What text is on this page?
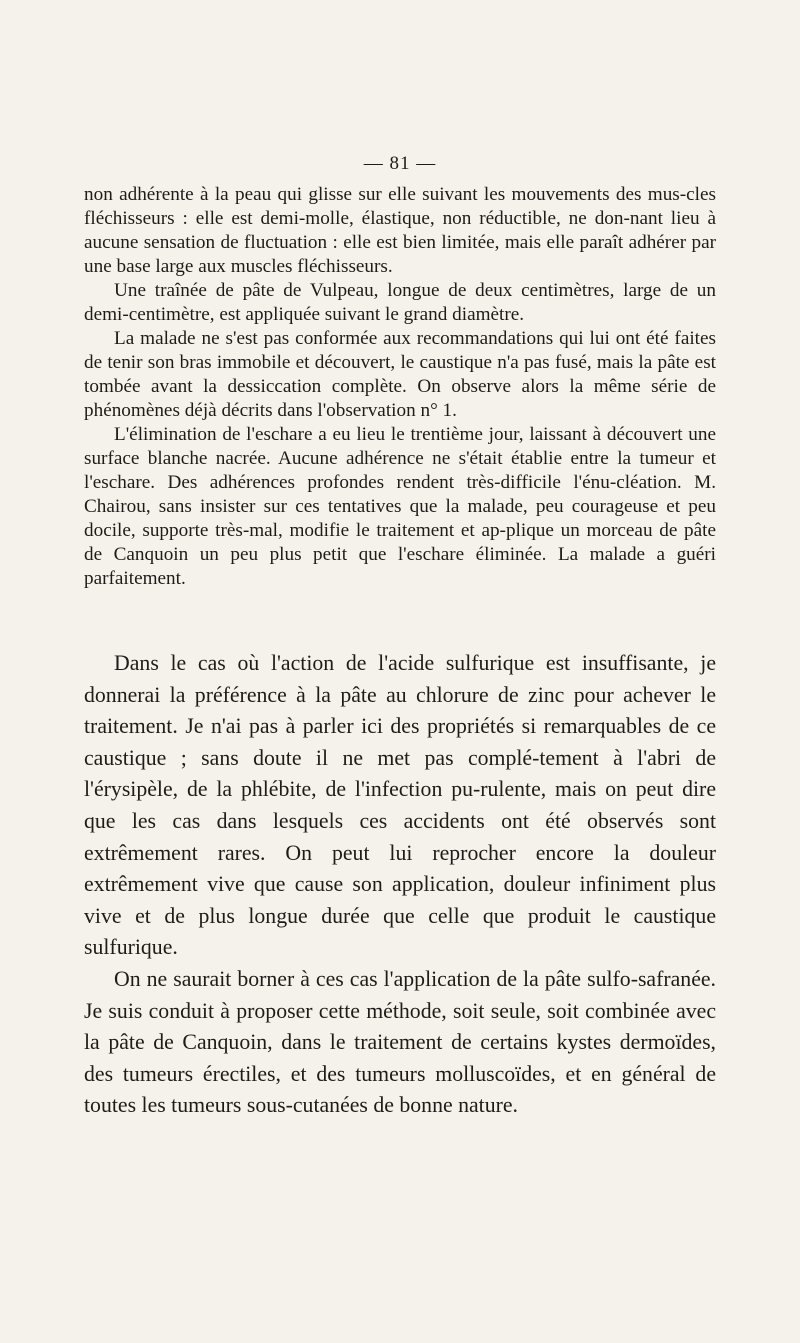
— 81 —

non adhérente à la peau qui glisse sur elle suivant les mouvements des mus-cles fléchisseurs : elle est demi-molle, élastique, non réductible, ne don-nant lieu à aucune sensation de fluctuation : elle est bien limitée, mais elle paraît adhérer par une base large aux muscles fléchisseurs.

Une traînée de pâte de Vulpeau, longue de deux centimètres, large de un demi-centimètre, est appliquée suivant le grand diamètre.

La malade ne s'est pas conformée aux recommandations qui lui ont été faites de tenir son bras immobile et découvert, le caustique n'a pas fusé, mais la pâte est tombée avant la dessiccation complète. On observe alors la même série de phénomènes déjà décrits dans l'observation n° 1.

L'élimination de l'eschare a eu lieu le trentième jour, laissant à découvert une surface blanche nacrée. Aucune adhérence ne s'était établie entre la tumeur et l'eschare. Des adhérences profondes rendent très-difficile l'énu-cléation. M. Chairou, sans insister sur ces tentatives que la malade, peu courageuse et peu docile, supporte très-mal, modifie le traitement et ap-plique un morceau de pâte de Canquoin un peu plus petit que l'eschare éliminée. La malade a guéri parfaitement.

Dans le cas où l'action de l'acide sulfurique est insuffisante, je donnerai la préférence à la pâte au chlorure de zinc pour achever le traitement. Je n'ai pas à parler ici des propriétés si remarquables de ce caustique ; sans doute il ne met pas complé-tement à l'abri de l'érysipèle, de la phlébite, de l'infection pu-rulente, mais on peut dire que les cas dans lesquels ces accidents ont été observés sont extrêmement rares. On peut lui reprocher encore la douleur extrêmement vive que cause son application, douleur infiniment plus vive et de plus longue durée que celle que produit le caustique sulfurique.

On ne saurait borner à ces cas l'application de la pâte sulfo-safranée. Je suis conduit à proposer cette méthode, soit seule, soit combinée avec la pâte de Canquoin, dans le traitement de certains kystes dermoïdes, des tumeurs érectiles, et des tumeurs molluscoïdes, et en général de toutes les tumeurs sous-cutanées de bonne nature.
